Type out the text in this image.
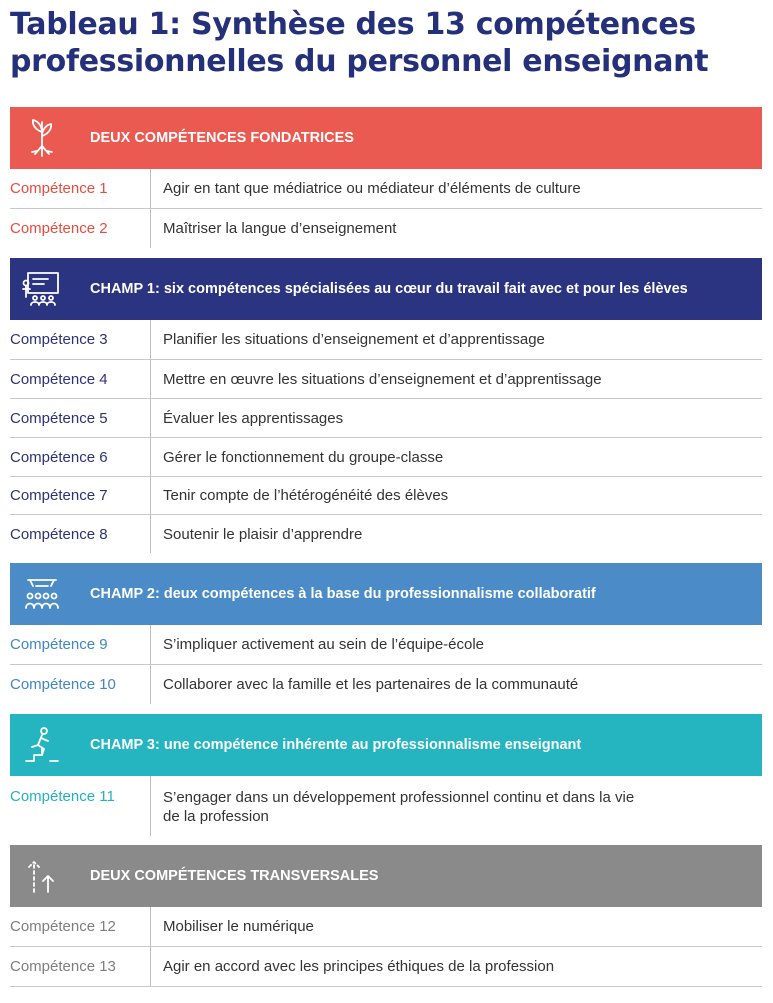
Tableau 1: Synthèse des 13 compétences
professionnelles du personnel enseignant
DEUX COMPÉTENCES FONDATRICES
Compétence 1	Agir en tant que médiatrice ou médiateur d’éléments de culture
Compétence 2	Maîtriser la langue d’enseignement
CHAMP 1: six compétences spécialisées au cœur du travail fait avec et pour les élèves
Compétence 3	Planifier les situations d’enseignement et d’apprentissage
Compétence 4	Mettre en œuvre les situations d’enseignement et d’apprentissage
Compétence 5	Évaluer les apprentissages
Compétence 6	Gérer le fonctionnement du groupe-classe
Compétence 7	Tenir compte de l’hétérogénéité des élèves
Compétence 8	Soutenir le plaisir d’apprendre
CHAMP 2: deux compétences à la base du professionnalisme collaboratif
Compétence 9	S’impliquer activement au sein de l’équipe-école
Compétence 10	Collaborer avec la famille et les partenaires de la communauté
CHAMP 3: une compétence inhérente au professionnalisme enseignant
Compétence 11	S’engager dans un développement professionnel continu et dans la vie
de la profession
DEUX COMPÉTENCES TRANSVERSALES
Compétence 12	Mobiliser le numérique
Compétence 13	Agir en accord avec les principes éthiques de la profession
